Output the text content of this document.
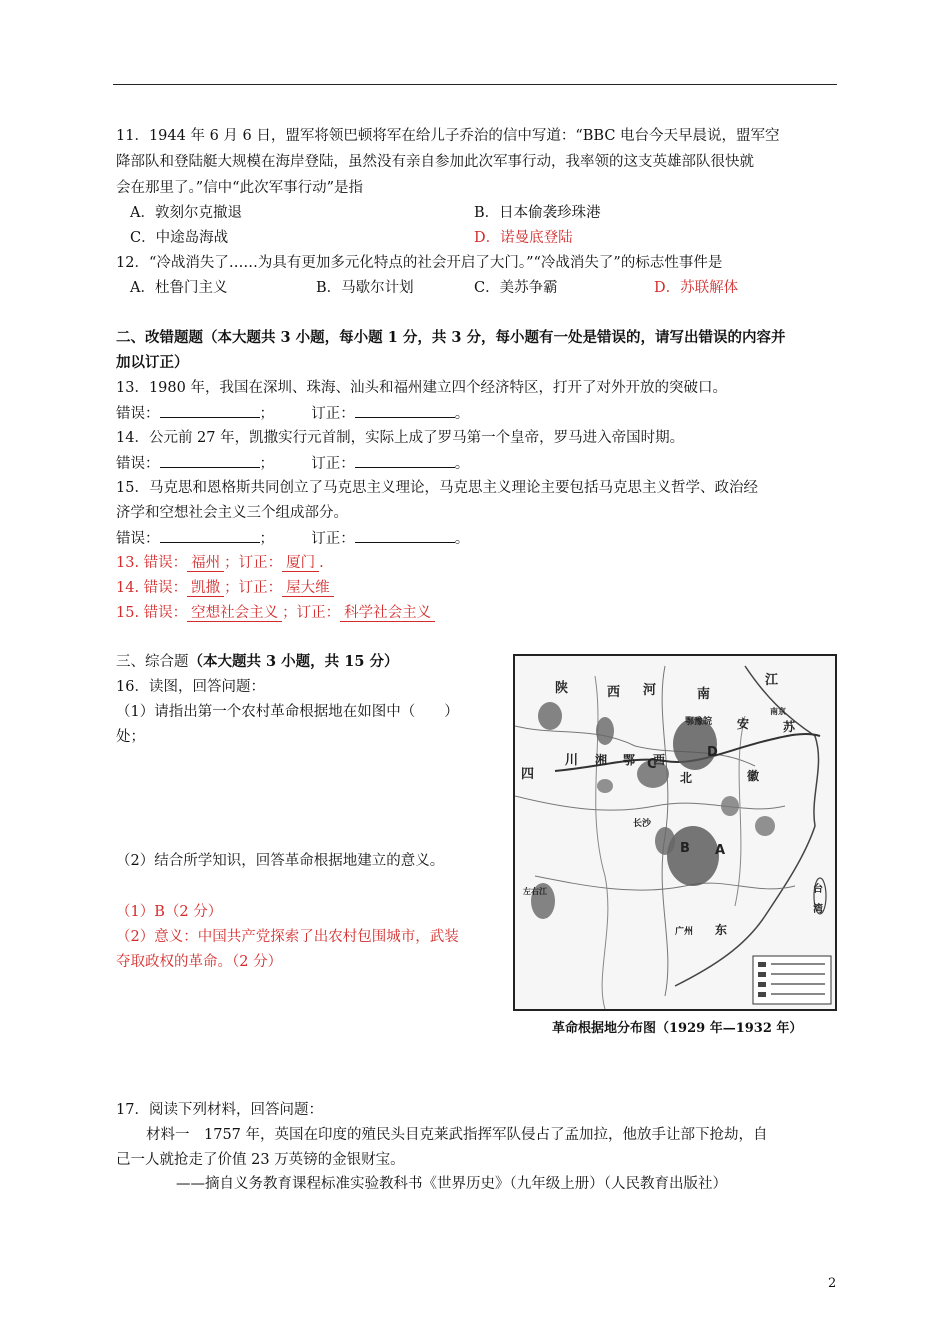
11．1944 年 6 月 6 日，盟军将领巴顿将军在给儿子乔治的信中写道：“BBC 电台今天早晨说，盟军空
降部队和登陆艇大规模在海岸登陆，虽然没有亲自参加此次军事行动，我率领的这支英雄部队很快就
会在那里了。”信中“此次军事行动”是指
A．敦刻尔克撤退	B．日本偷袭珍珠港
C．中途岛海战	D．诺曼底登陆
12．“冷战消失了……为具有更加多元化特点的社会开启了大门。”“冷战消失了”的标志性事件是
A．杜鲁门主义	B．马歇尔计划	C．美苏争霸	D．苏联解体
二、改错题题（本大题共 3 小题，每小题 1 分，共 3 分，每小题有一处是错误的，请写出错误的内容并
加以订正）
13．1980 年，我国在深圳、珠海、汕头和福州建立四个经济特区，打开了对外开放的突破口。
错误：	；	订正：	。
14．公元前 27 年，凯撒实行元首制，实际上成了罗马第一个皇帝，罗马进入帝国时期。
错误：	；	订正：	。
15．马克思和恩格斯共同创立了马克思主义理论，马克思主义理论主要包括马克思主义哲学、政治经
济学和空想社会主义三个组成部分。
错误：	；	订正：	。
13. 错误： 福州 ；订正： 厦门 .
14. 错误： 凯撒 ；订正： 屋大维
15. 错误： 空想社会主义 ；订正： 科学社会主义
三、综合题（本大题共 3 小题，共 15 分）
16．读图，回答问题：
（1）请指出第一个农村革命根据地在如图中（　　）
处；
（2）结合所学知识，回答革命根据地建立的意义。
（1）B（2 分）
（2）意义：中国共产党探索了出农村包围城市，武装
夺取政权的革命。（2 分）
陕	西 河	南
江
安	苏
四
川 湘 鄂 西
北	徽
鄂豫皖
南京
长沙
广州 东
台
湾
左右江
A
B
C
D
革命根据地分布图（1929 年—1932 年）
17．阅读下列材料，回答问题：
材料一　1757 年，英国在印度的殖民头目克莱武指挥军队侵占了孟加拉，他放手让部下抢劫，自
己一人就抢走了价值 23 万英镑的金银财宝。
——摘自义务教育课程标准实验教科书《世界历史》（九年级上册）（人民教育出版社）
2
